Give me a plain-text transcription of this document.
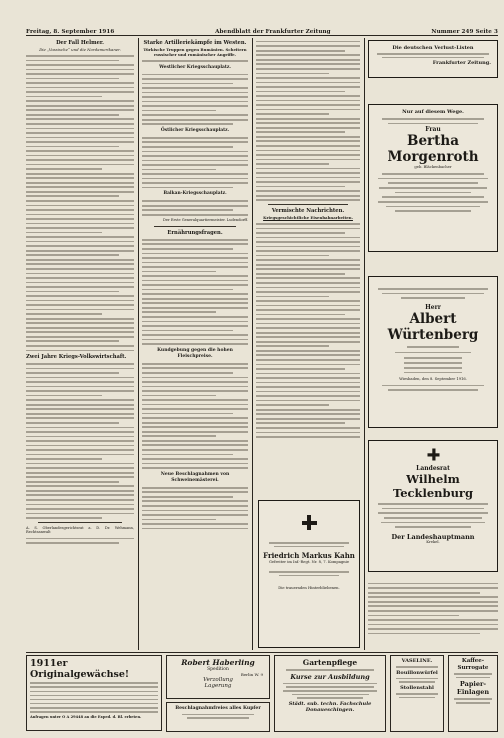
Freitag, 8. September 1916	Abendblatt der Frankfurter Zeitung	Nummer 249 Seite 3
Der Fall Helmer.
Die „Vossische“ und die Nordamerikaner.
Zwei Jahre Kriegs-Volkswirtschaft.
A. S. Oberlandesgerichtsrat a. D. Dr. Wehmann, Rechtsanwalt
Starke Artilleriekämpfe im Westen.
Türkische Truppen gegen Rumänien. Scheitern russischer und rumänischer Angriffe.
Westlicher Kriegsschauplatz.
Östlicher Kriegsschauplatz.
Balkan-Kriegsschauplatz.
Der Erste Generalquartiermeister. Ludendorff.
Ernährungsfragen.
Kundgebung gegen die hohen Fleischpreise.
Neue Beschlagnahmen von Schweinemästerei.
Vermischte Nachrichten.
Kriegsgeschichtliche Eisenbahnarbeiten.
Friedrich Markus Kahn
Gefreiter im Inf.-Regt. Nr. 8, 7. Kompagnie
Die trauernden Hinterbliebenen.
Die deutschen Verlust-Listen
Frankfurter Zeitung.
Nur auf diesem Wege.
Frau
Bertha Morgenroth
geb. Bläckenbacher
Herr
Albert Würtenberg
Wiesbaden, den 8. September 1916.
Landesrat
Wilhelm Tecklenburg
Der Landeshauptmann
Krekel.
1911er Originalgewächse!
Anfragen unter O A 29448 an die Exped. d. Bl. erbeten.
Robert Haberling
Spedition
Berlin W. 9
Verzollung
Lagerung
Beschlagnahmfreies alles Kupfer
Gartenpflege
Kurse zur Ausbildung
Städt. sub. techn. Fachschule Donaueschingen.
VASELINE.
Bouillonwürfel
Stollenstahl
Kaffee-Surrogate
Papier-Einlagen
